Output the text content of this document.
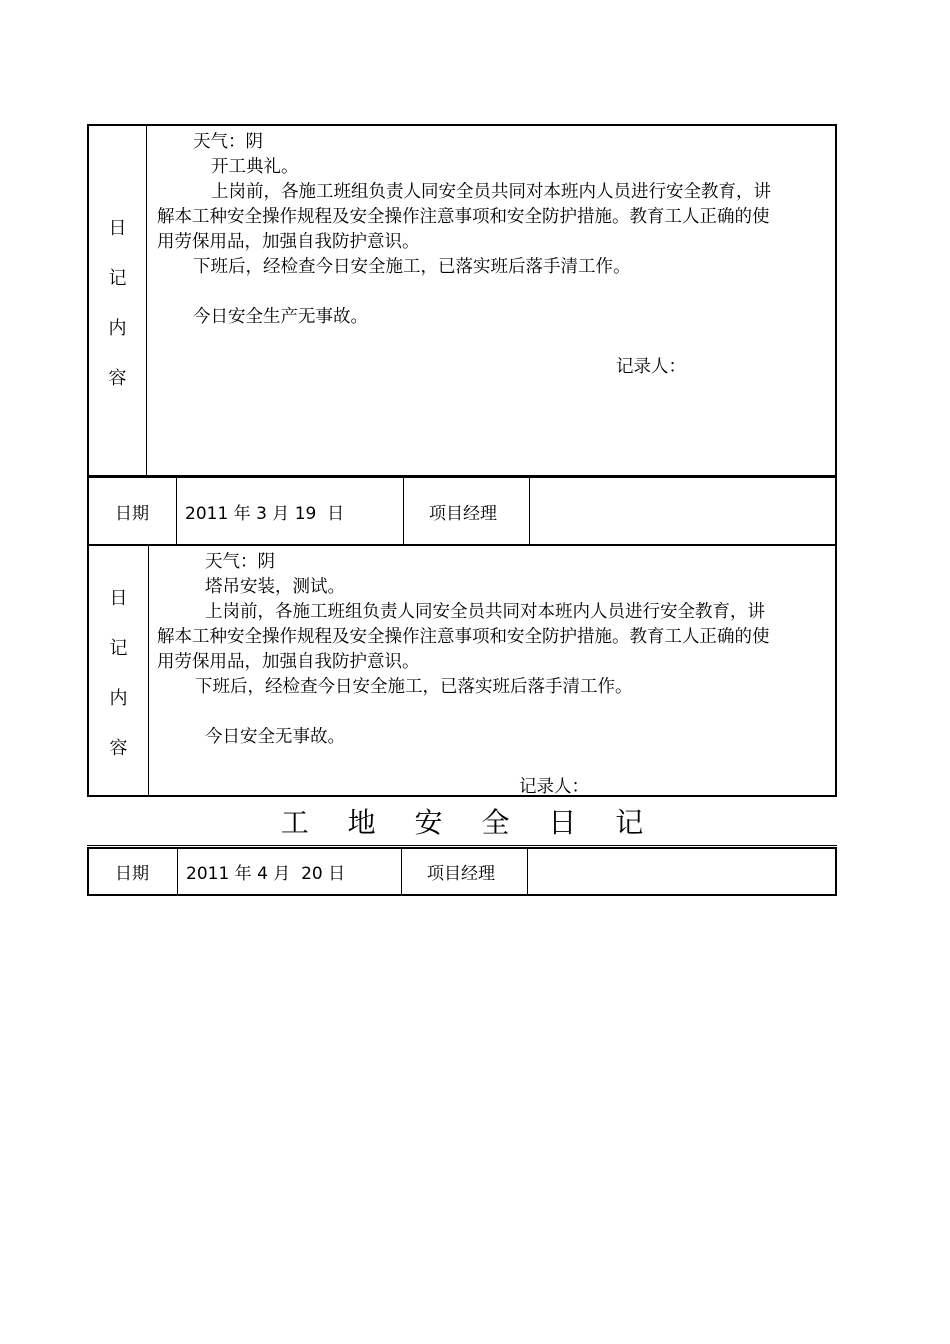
日
记
内
容
天气：阴
开工典礼。
上岗前，各施工班组负责人同安全员共同对本班内人员进行安全教育，讲
解本工种安全操作规程及安全操作注意事项和安全防护措施。教育工人正确的使
用劳保用品，加强自我防护意识。
下班后，经检查今日安全施工，已落实班后落手清工作。
今日安全生产无事故。
记录人：
日期 2011 年 3 月 19  日	项目经理
日
记
内
容
天气：阴
塔吊安装，测试。
上岗前，各施工班组负责人同安全员共同对本班内人员进行安全教育，讲
解本工种安全操作规程及安全操作注意事项和安全防护措施。教育工人正确的使
用劳保用品，加强自我防护意识。
下班后，经检查今日安全施工，已落实班后落手清工作。
今日安全无事故。
记录人：
工 地 安 全 日 记
日期 2011 年 4 月  20 日	项目经理
